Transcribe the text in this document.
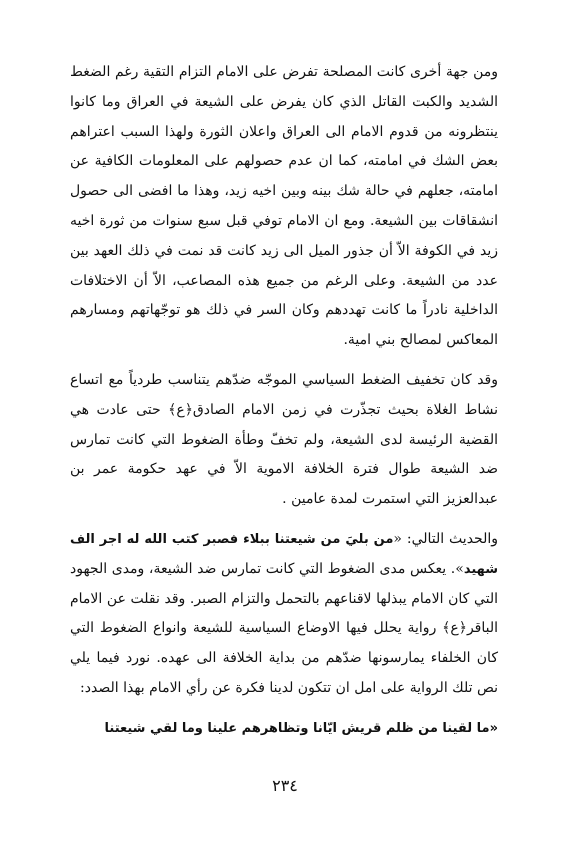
ومن جهة أخرى كانت المصلحة تفرض على الامام التزام التقية رغم الضغط الشديد والكبت القاتل الذي كان يفرض على الشيعة في العراق وما كانوا ينتظرونه من قدوم الامام الى العراق واعلان الثورة ولهذا السبب اعتراهم بعض الشك في امامته، كما ان عدم حصولهم على المعلومات الكافية عن امامته، جعلهم في حالة شك بينه وبين اخيه زيد، وهذا ما افضى الى حصول انشقاقات بين الشيعة. ومع ان الامام توفي قبل سبع سنوات من ثورة اخيه زيد في الكوفة الاّ أن جذور الميل الى زيد كانت قد نمت في ذلك العهد بين عدد من الشيعة. وعلى الرغم من جميع هذه المصاعب، الاّ أن الاختلافات الداخلية نادراً ما كانت تهددهم وكان السر في ذلك هو توجّهاتهم ومسارهم المعاكس لمصالح بني امية.

وقد كان تخفيف الضغط السياسي الموجّه ضدّهم يتناسب طردياً مع اتساع نشاط الغلاة بحيث تجذّرت في زمن الامام الصادق﴿ع﴾ حتى عادت هي القضية الرئيسة لدى الشيعة، ولم تخفّ وطأة الضغوط التي كانت تمارس ضد الشيعة طوال فترة الخلافة الاموية الاّ في عهد حكومة عمر بن عبدالعزيز التي استمرت لمدة عامين .

والحديث التالي: «من بليَ من شيعتنا ببلاء فصبر كتب الله له اجر الف شهيد». يعكس مدى الضغوط التي كانت تمارس ضد الشيعة، ومدى الجهود التي كان الامام يبذلها لاقناعهم بالتحمل والتزام الصبر. وقد نقلت عن الامام الباقر﴿ع﴾ رواية يحلل فيها الاوضاع السياسية للشيعة وانواع الضغوط التي كان الخلفاء يمارسونها ضدّهم من بداية الخلافة الى عهده. نورد فيما يلي نص تلك الرواية على امل ان تتكون لدينا فكرة عن رأي الامام بهذا الصدد:

«ما لقينا من ظلم قريش ايّانا وتظاهرهم علينا وما لقي شيعتنا

٢٣٤
